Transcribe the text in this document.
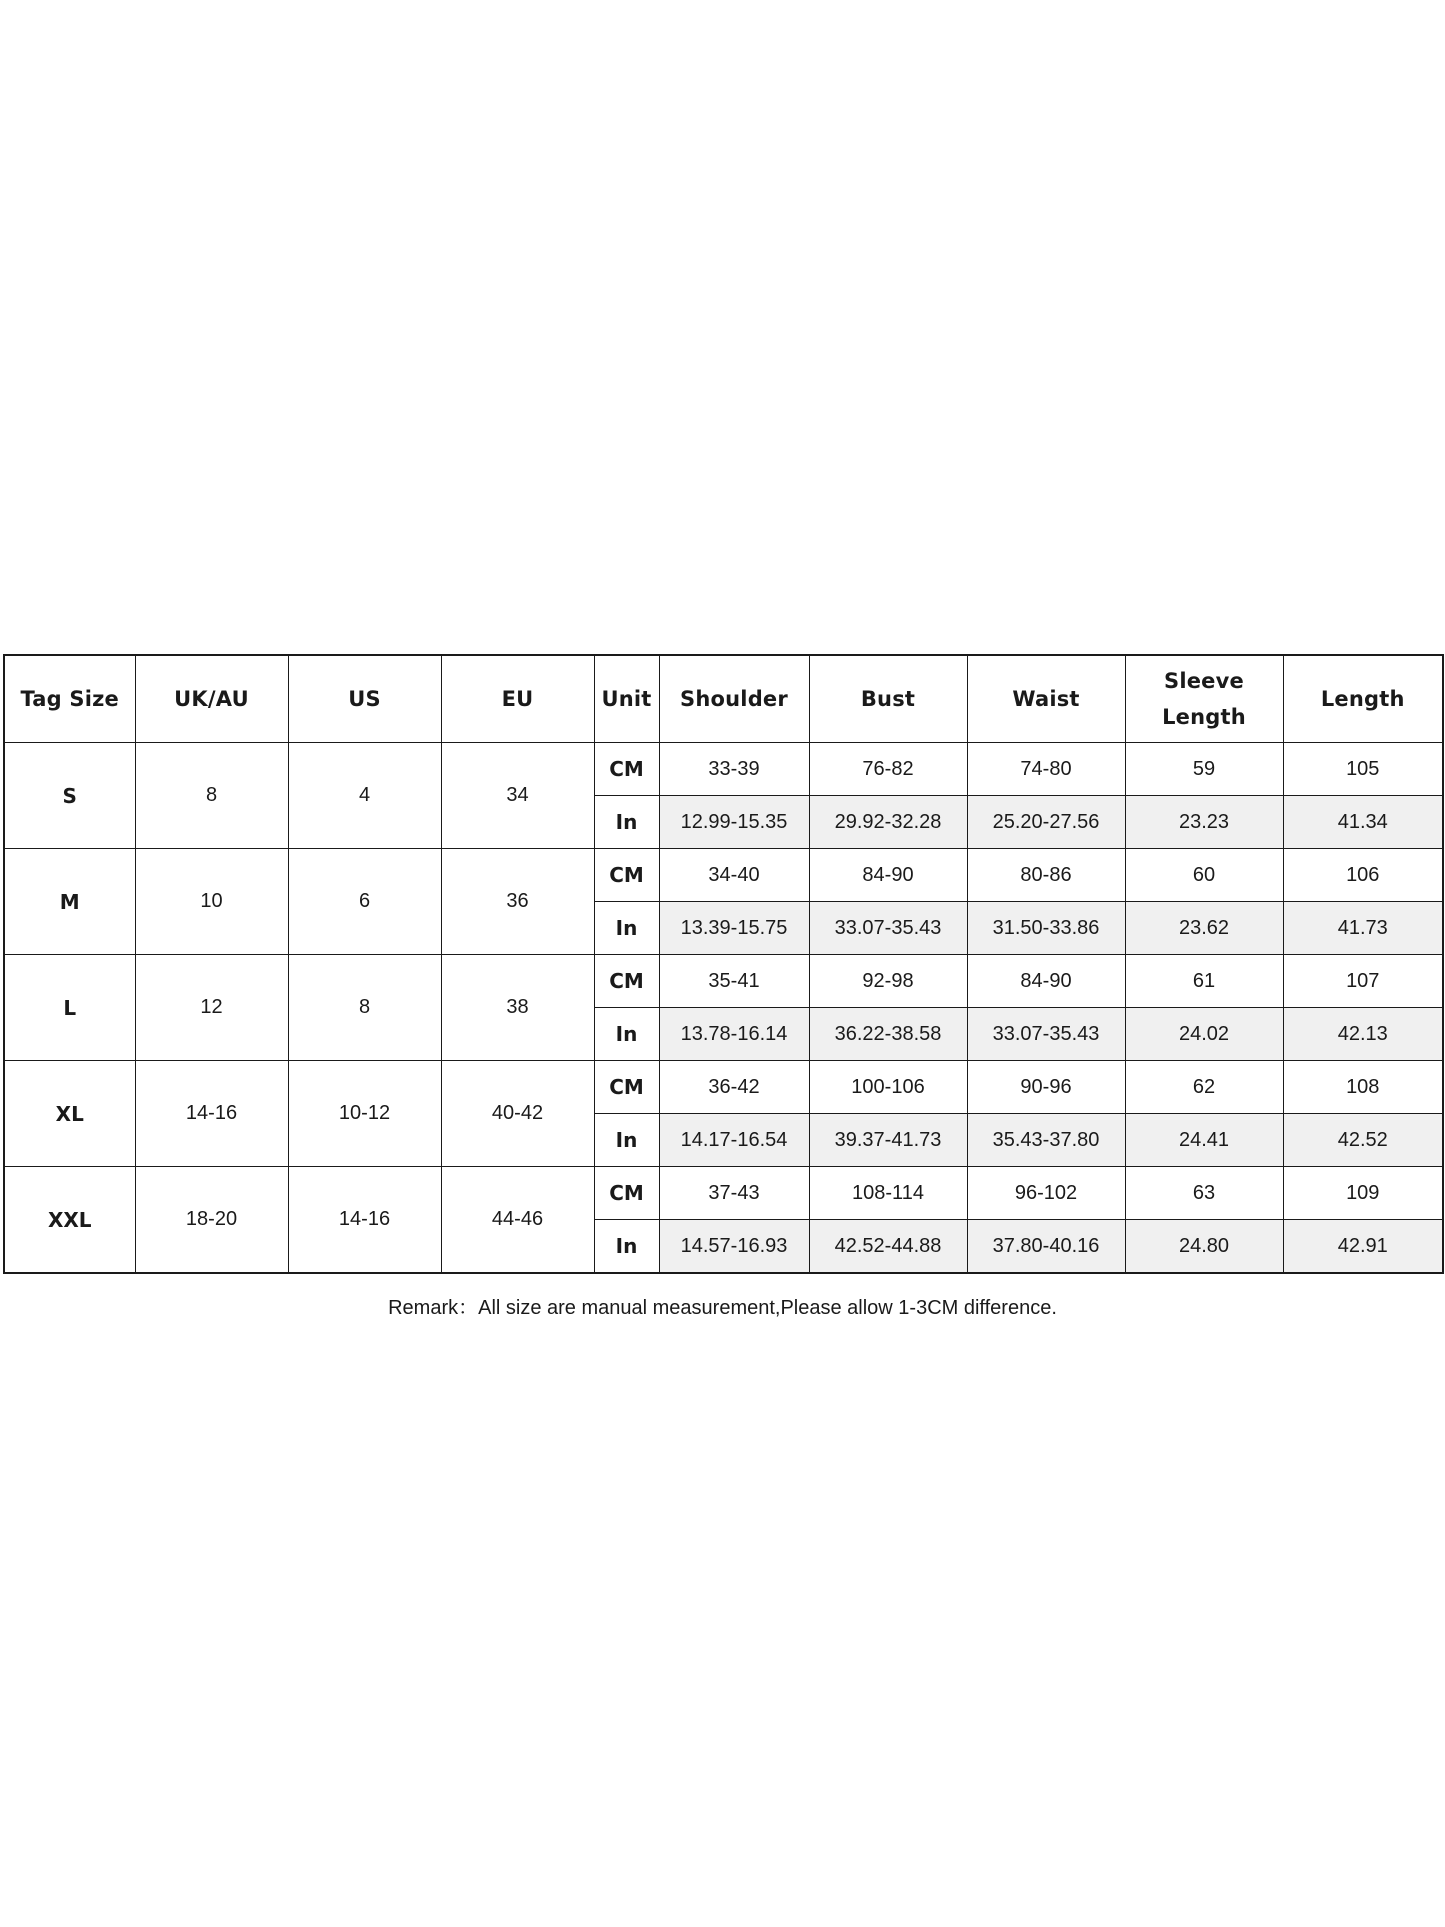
Tag Size	UK/AU	US	EU	Unit	Shoulder	Bust	Waist	Sleeve Length	Length
S	8	4	34	CM	33-39	76-82	74-80	59	105
				In	12.99-15.35	29.92-32.28	25.20-27.56	23.23	41.34
M	10	6	36	CM	34-40	84-90	80-86	60	106
				In	13.39-15.75	33.07-35.43	31.50-33.86	23.62	41.73
L	12	8	38	CM	35-41	92-98	84-90	61	107
				In	13.78-16.14	36.22-38.58	33.07-35.43	24.02	42.13
XL	14-16	10-12	40-42	CM	36-42	100-106	90-96	62	108
				In	14.17-16.54	39.37-41.73	35.43-37.80	24.41	42.52
XXL	18-20	14-16	44-46	CM	37-43	108-114	96-102	63	109
				In	14.57-16.93	42.52-44.88	37.80-40.16	24.80	42.91
Remark：All size are manual measurement,Please allow 1-3CM difference.
